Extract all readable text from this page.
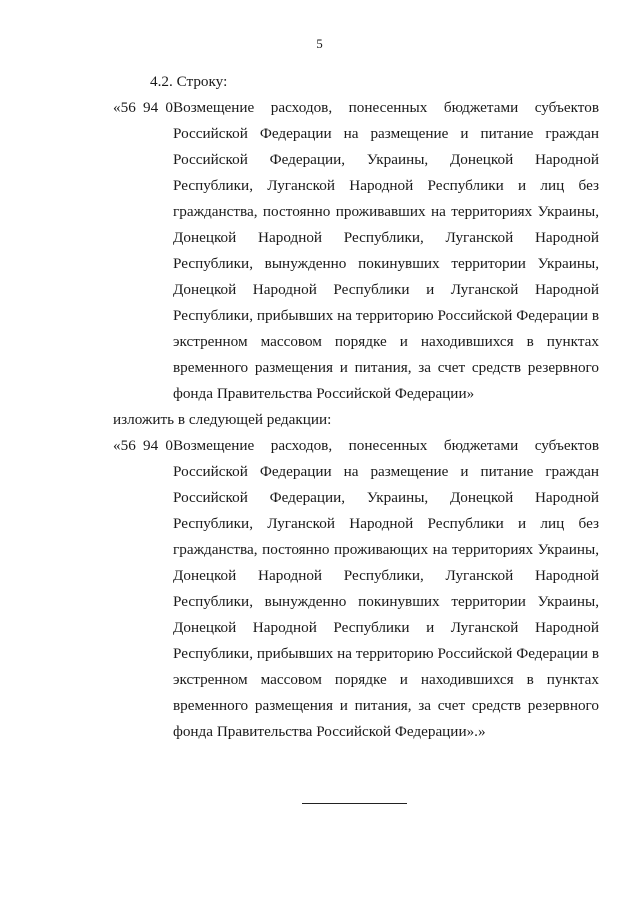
5
4.2. Строку:
«56 94 0 Возмещение расходов, понесенных бюджетами субъектов
Российской Федерации на размещение и питание граждан
Российской Федерации, Украины, Донецкой Народной
Республики, Луганской Народной Республики и лиц без
гражданства, постоянно проживавших на территориях Украины,
Донецкой Народной Республики, Луганской Народной
Республики, вынужденно покинувших территории Украины,
Донецкой Народной Республики и Луганской Народной
Республики, прибывших на территорию Российской Федерации в
экстренном массовом порядке и находившихся в пунктах
временного размещения и питания, за счет средств резервного
фонда Правительства Российской Федерации»
изложить в следующей редакции:
«56 94 0 Возмещение расходов, понесенных бюджетами субъектов
Российской Федерации на размещение и питание граждан
Российской Федерации, Украины, Донецкой Народной
Республики, Луганской Народной Республики и лиц без
гражданства, постоянно проживающих на территориях Украины,
Донецкой Народной Республики, Луганской Народной
Республики, вынужденно покинувших территории Украины,
Донецкой Народной Республики и Луганской Народной
Республики, прибывших на территорию Российской Федерации в
экстренном массовом порядке и находившихся в пунктах
временного размещения и питания, за счет средств резервного
фонда Правительства Российской Федерации».»
